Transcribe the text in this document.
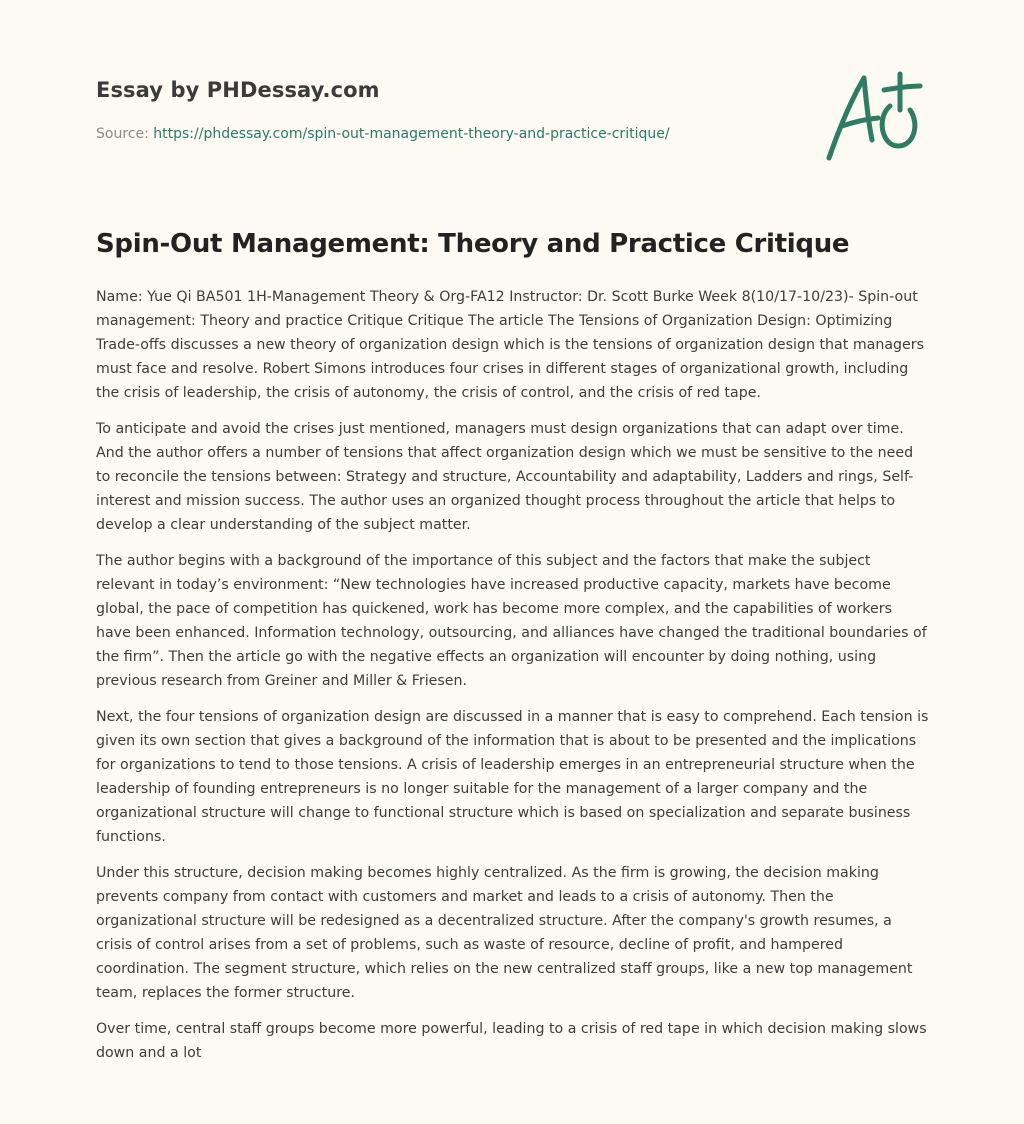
Essay by PHDessay.com
Source: https://phdessay.com/spin-out-management-theory-and-practice-critique/
Spin-Out Management: Theory and Practice Critique

Name: Yue Qi BA501 1H-Management Theory & Org-FA12 Instructor: Dr. Scott Burke Week 8(10/17-10/23)- Spin-out management: Theory and practice Critique Critique The article The Tensions of Organization Design: Optimizing Trade-offs discusses a new theory of organization design which is the tensions of organization design that managers must face and resolve. Robert Simons introduces four crises in different stages of organizational growth, including the crisis of leadership, the crisis of autonomy, the crisis of control, and the crisis of red tape.

To anticipate and avoid the crises just mentioned, managers must design organizations that can adapt over time. And the author offers a number of tensions that affect organization design which we must be sensitive to the need to reconcile the tensions between: Strategy and structure, Accountability and adaptability, Ladders and rings, Self-interest and mission success. The author uses an organized thought process throughout the article that helps to develop a clear understanding of the subject matter.

The author begins with a background of the importance of this subject and the factors that make the subject relevant in today’s environment: “New technologies have increased productive capacity, markets have become global, the pace of competition has quickened, work has become more complex, and the capabilities of workers have been enhanced. Information technology, outsourcing, and alliances have changed the traditional boundaries of the firm”. Then the article go with the negative effects an organization will encounter by doing nothing, using previous research from Greiner and Miller & Friesen.

Next, the four tensions of organization design are discussed in a manner that is easy to comprehend. Each tension is given its own section that gives a background of the information that is about to be presented and the implications for organizations to tend to those tensions. A crisis of leadership emerges in an entrepreneurial structure when the leadership of founding entrepreneurs is no longer suitable for the management of a larger company and the organizational structure will change to functional structure which is based on specialization and separate business functions.

Under this structure, decision making becomes highly centralized. As the firm is growing, the decision making prevents company from contact with customers and market and leads to a crisis of autonomy. Then the organizational structure will be redesigned as a decentralized structure. After the company's growth resumes, a crisis of control arises from a set of problems, such as waste of resource, decline of profit, and hampered coordination. The segment structure, which relies on the new centralized staff groups, like a new top management team, replaces the former structure.

Over time, central staff groups become more powerful, leading to a crisis of red tape in which decision making slows down and a lot
